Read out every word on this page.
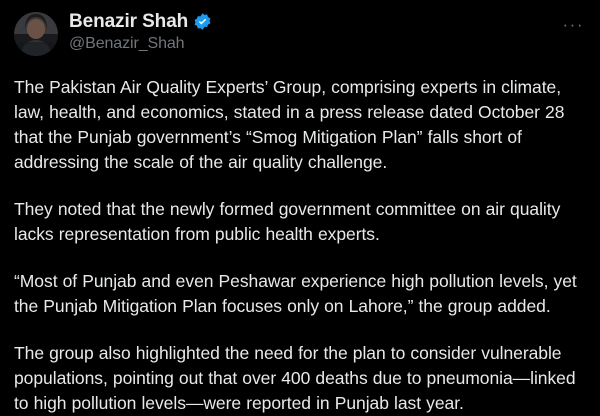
Benazir Shah
@Benazir_Shah
···

The Pakistan Air Quality Experts’ Group, comprising experts in climate, law, health, and economics, stated in a press release dated October 28 that the Punjab government’s “Smog Mitigation Plan” falls short of addressing the scale of the air quality challenge.

They noted that the newly formed government committee on air quality lacks representation from public health experts.

“Most of Punjab and even Peshawar experience high pollution levels, yet the Punjab Mitigation Plan focuses only on Lahore,” the group added.

The group also highlighted the need for the plan to consider vulnerable populations, pointing out that over 400 deaths due to pneumonia—linked to high pollution levels—were reported in Punjab last year.
